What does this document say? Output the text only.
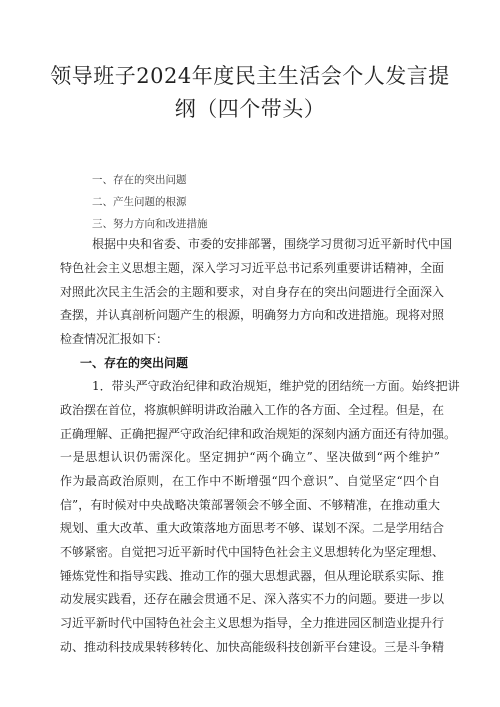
领导班子2024年度民主生活会个人发言提
纲（四个带头）
一、存在的突出问题
二、产生问题的根源
三、努力方向和改进措施
根据中央和省委、市委的安排部署，围绕学习贯彻习近平新时代中国
特色社会主义思想主题，深入学习习近平总书记系列重要讲话精神，全面
对照此次民主生活会的主题和要求，对自身存在的突出问题进行全面深入
查摆，并认真剖析问题产生的根源，明确努力方向和改进措施。现将对照
检查情况汇报如下：
一、存在的突出问题
1．带头严守政治纪律和政治规矩，维护党的团结统一方面。始终把讲
政治摆在首位，将旗帜鲜明讲政治融入工作的各方面、全过程。但是，在
正确理解、正确把握严守政治纪律和政治规矩的深刻内涵方面还有待加强。
一是思想认识仍需深化。坚定拥护“两个确立”、坚决做到“两个维护”
作为最高政治原则，在工作中不断增强“四个意识”、自觉坚定“四个自
信”，有时候对中央战略决策部署领会不够全面、不够精准，在推动重大
规划、重大改革、重大政策落地方面思考不够、谋划不深。二是学用结合
不够紧密。自觉把习近平新时代中国特色社会主义思想转化为坚定理想、
锤炼党性和指导实践、推动工作的强大思想武器，但从理论联系实际、推
动发展实践看，还存在融会贯通不足、深入落实不力的问题。要进一步以
习近平新时代中国特色社会主义思想为指导，全力推进园区制造业提升行
动、推动科技成果转移转化、加快高能级科技创新平台建设。三是斗争精
